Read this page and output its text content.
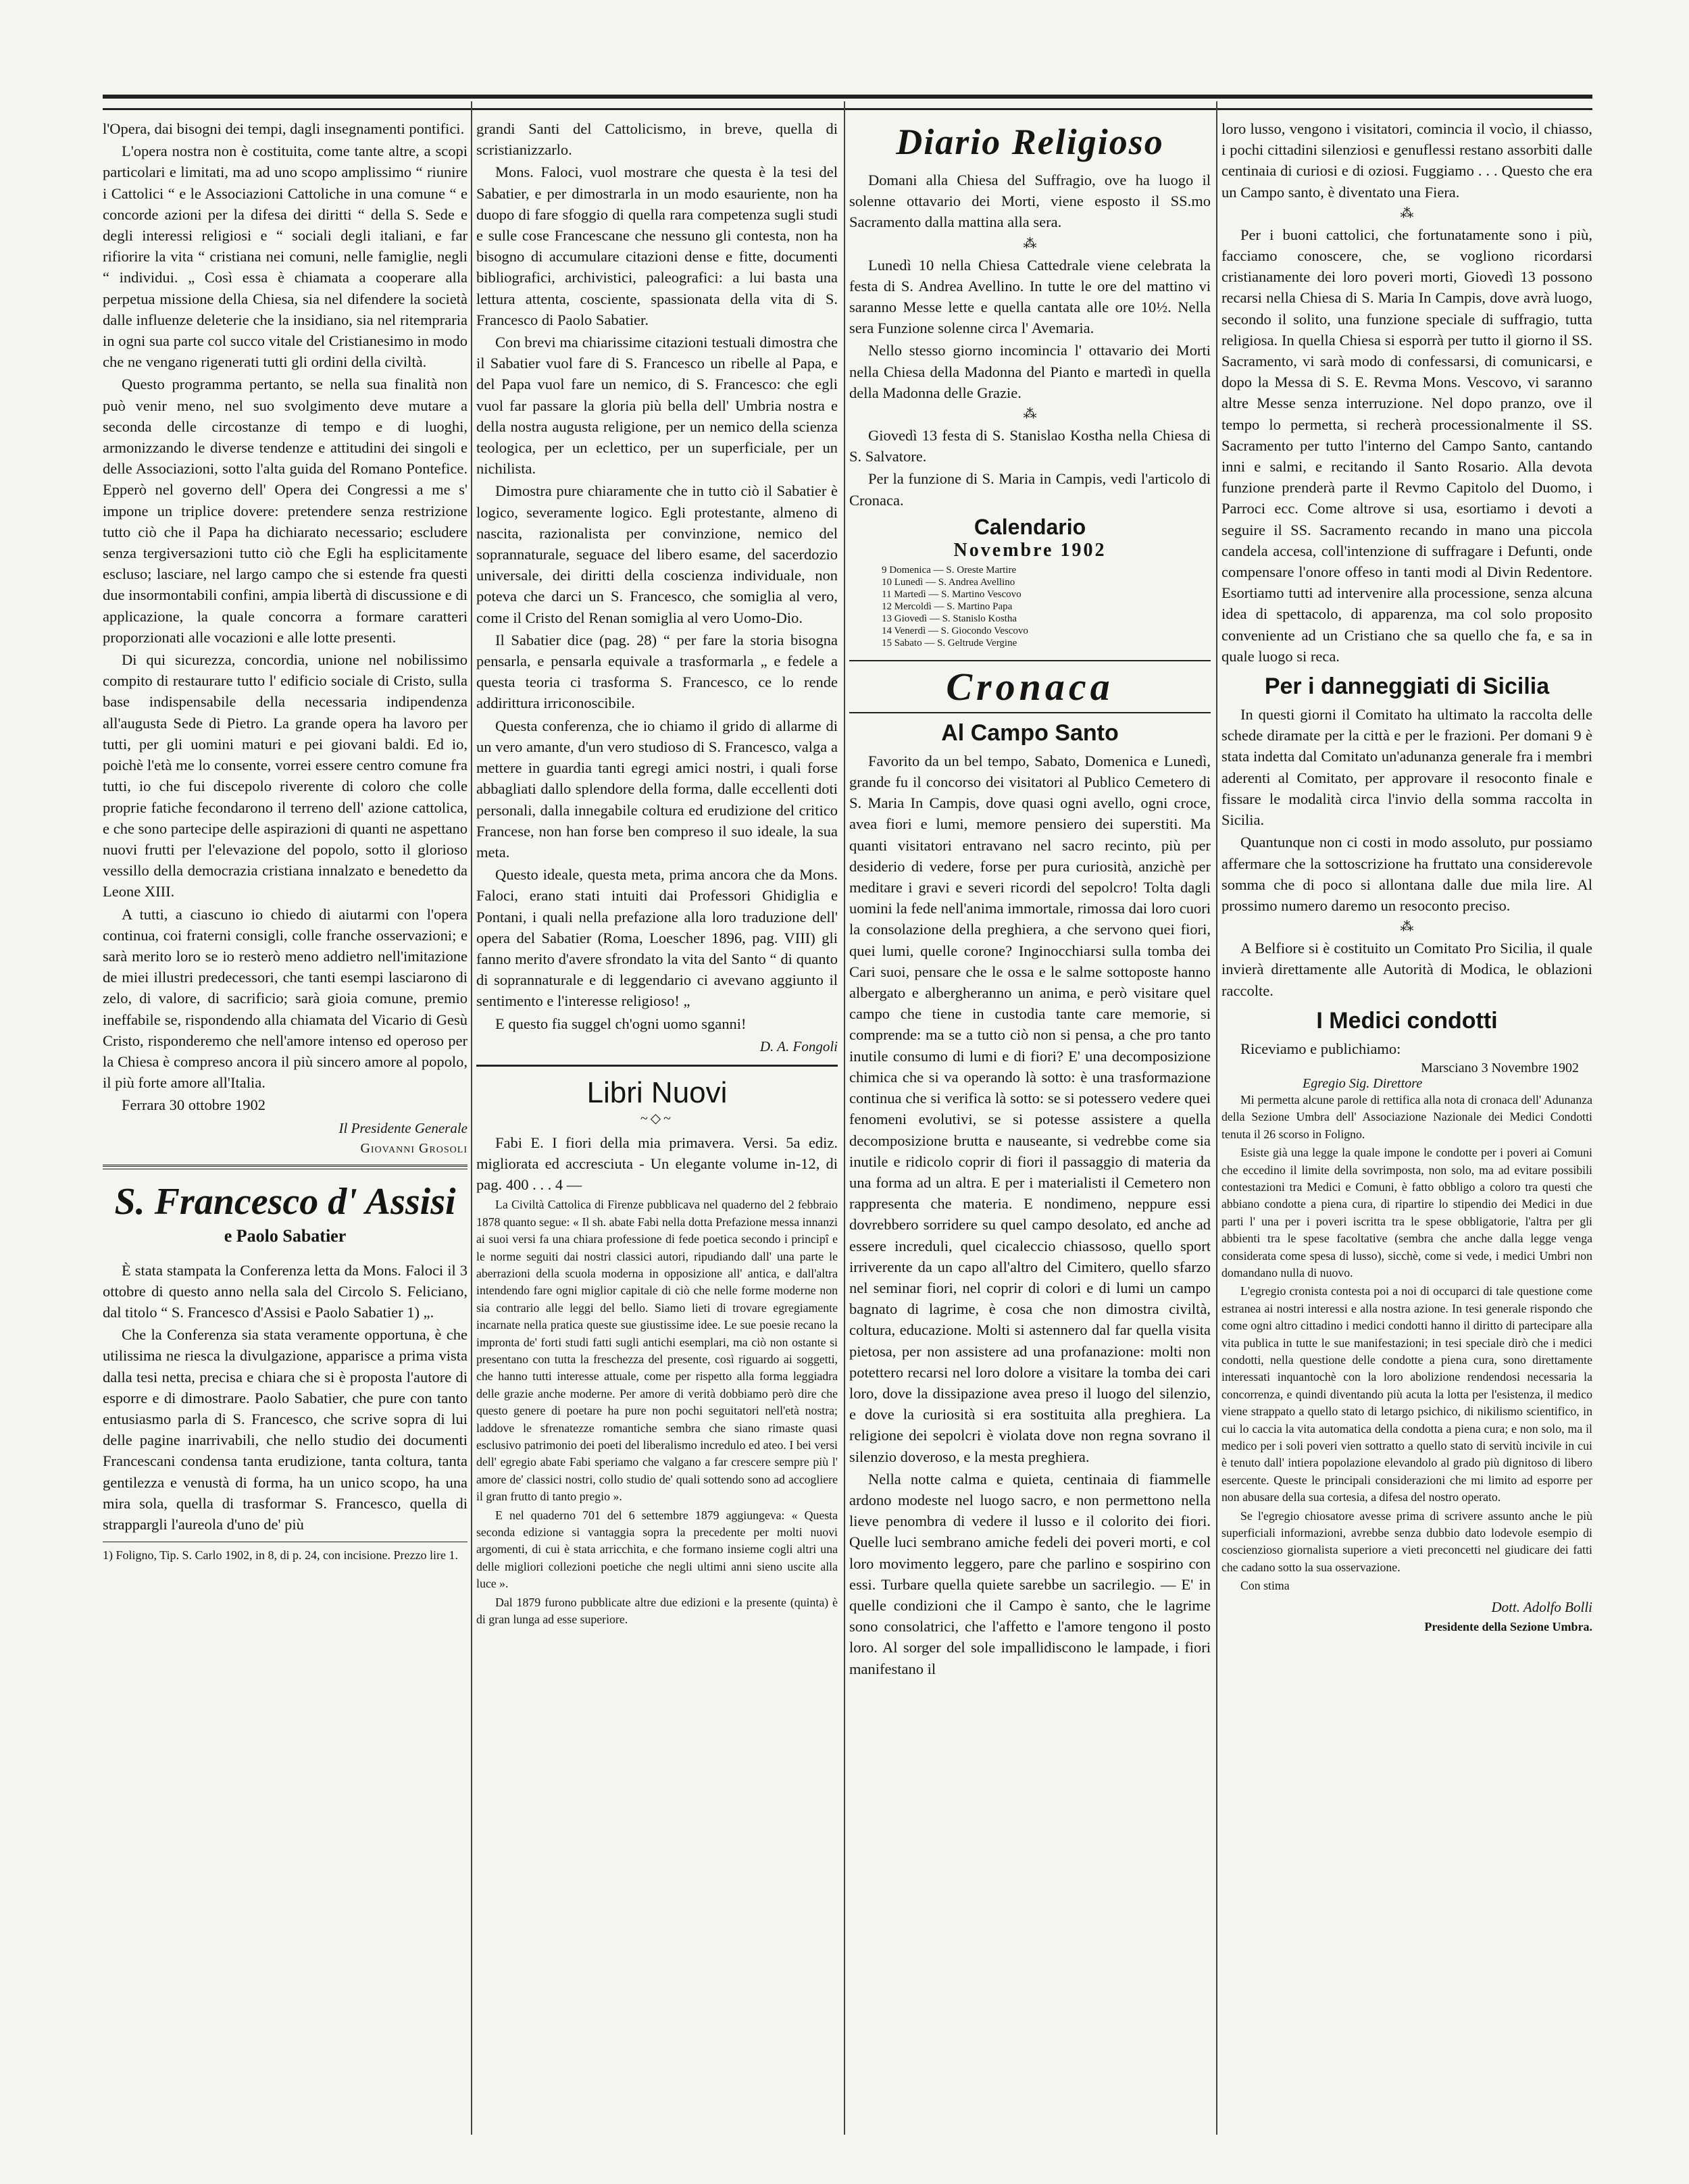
l'Opera, dai bisogni dei tempi, dagli insegnamenti pontifici.

L'opera nostra non è costituita, come tante altre, a scopi particolari e limitati, ma ad uno scopo amplissimo “ riunire i Cattolici “ e le Associazioni Cattoliche in una comune “ e concorde azioni per la difesa dei diritti “ della S. Sede e degli interessi religiosi e “ sociali degli italiani, e far rifiorire la vita “ cristiana nei comuni, nelle famiglie, negli “ individui. „ Così essa è chiamata a cooperare alla perpetua missione della Chiesa, sia nel difendere la società dalle influenze deleterie che la insidiano, sia nel ritempraria in ogni sua parte col succo vitale del Cristianesimo in modo che ne vengano rigenerati tutti gli ordini della civiltà.

Questo programma pertanto, se nella sua finalità non può venir meno, nel suo svolgimento deve mutare a seconda delle circostanze di tempo e di luoghi, armonizzando le diverse tendenze e attitudini dei singoli e delle Associazioni, sotto l'alta guida del Romano Pontefice. Epperò nel governo dell' Opera dei Congressi a me s' impone un triplice dovere: pretendere senza restrizione tutto ciò che il Papa ha dichiarato necessario; escludere senza tergiversazioni tutto ciò che Egli ha esplicitamente escluso; lasciare, nel largo campo che si estende fra questi due insormontabili confini, ampia libertà di discussione e di applicazione, la quale concorra a formare caratteri proporzionati alle vocazioni e alle lotte presenti.

Di qui sicurezza, concordia, unione nel nobilissimo compito di restaurare tutto l' edificio sociale di Cristo, sulla base indispensabile della necessaria indipendenza all'augusta Sede di Pietro. La grande opera ha lavoro per tutti, per gli uomini maturi e pei giovani baldi. Ed io, poichè l'età me lo consente, vorrei essere centro comune fra tutti, io che fui discepolo riverente di coloro che colle proprie fatiche fecondarono il terreno dell' azione cattolica, e che sono partecipe delle aspirazioni di quanti ne aspettano nuovi frutti per l'elevazione del popolo, sotto il glorioso vessillo della democrazia cristiana innalzato e benedetto da Leone XIII.

A tutti, a ciascuno io chiedo di aiutarmi con l'opera continua, coi fraterni consigli, colle franche osservazioni; e sarà merito loro se io resterò meno addietro nell'imitazione de miei illustri predecessori, che tanti esempi lasciarono di zelo, di valore, di sacrificio; sarà gioia comune, premio ineffabile se, rispondendo alla chiamata del Vicario di Gesù Cristo, risponderemo che nell'amore intenso ed operoso per la Chiesa è compreso ancora il più sincero amore al popolo, il più forte amore all'Italia.

Ferrara 30 ottobre 1902

Il Presidente Generale
Giovanni Grosoli
S. Francesco d' Assisi
e Paolo Sabatier

È stata stampata la Conferenza letta da Mons. Faloci il 3 ottobre di questo anno nella sala del Circolo S. Feliciano, dal titolo “ S. Francesco d'Assisi e Paolo Sabatier 1) „.

Che la Conferenza sia stata veramente opportuna, è che utilissima ne riesca la divulgazione, apparisce a prima vista dalla tesi netta, precisa e chiara che si è proposta l'autore di esporre e di dimostrare. Paolo Sabatier, che pure con tanto entusiasmo parla di S. Francesco, che scrive sopra di lui delle pagine inarrivabili, che nello studio dei documenti Francescani condensa tanta erudizione, tanta coltura, tanta gentilezza e venustà di forma, ha un unico scopo, ha una mira sola, quella di trasformar S. Francesco, quella di strappargli l'aureola d'uno de' più

1) Foligno, Tip. S. Carlo 1902, in 8, di p. 24, con incisione. Prezzo lire 1.

grandi Santi del Cattolicismo, in breve, quella di scristianizzarlo.

Mons. Faloci, vuol mostrare che questa è la tesi del Sabatier, e per dimostrarla in un modo esauriente, non ha duopo di fare sfoggio di quella rara competenza sugli studi e sulle cose Francescane che nessuno gli contesta, non ha bisogno di accumulare citazioni dense e fitte, documenti bibliografici, archivistici, paleografici: a lui basta una lettura attenta, cosciente, spassionata della vita di S. Francesco di Paolo Sabatier.

Con brevi ma chiarissime citazioni testuali dimostra che il Sabatier vuol fare di S. Francesco un ribelle al Papa, e del Papa vuol fare un nemico, di S. Francesco: che egli vuol far passare la gloria più bella dell' Umbria nostra e della nostra augusta religione, per un nemico della scienza teologica, per un eclettico, per un superficiale, per un nichilista.

Dimostra pure chiaramente che in tutto ciò il Sabatier è logico, severamente logico. Egli protestante, almeno di nascita, razionalista per convinzione, nemico del soprannaturale, seguace del libero esame, del sacerdozio universale, dei diritti della coscienza individuale, non poteva che darci un S. Francesco, che somiglia al vero, come il Cristo del Renan somiglia al vero Uomo-Dio.

Il Sabatier dice (pag. 28) “ per fare la storia bisogna pensarla, e pensarla equivale a trasformarla „ e fedele a questa teoria ci trasforma S. Francesco, ce lo rende addirittura irriconoscibile.

Questa conferenza, che io chiamo il grido di allarme di un vero amante, d'un vero studioso di S. Francesco, valga a mettere in guardia tanti egregi amici nostri, i quali forse abbagliati dallo splendore della forma, dalle eccellenti doti personali, dalla innegabile coltura ed erudizione del critico Francese, non han forse ben compreso il suo ideale, la sua meta.

Questo ideale, questa meta, prima ancora che da Mons. Faloci, erano stati intuiti dai Professori Ghidiglia e Pontani, i quali nella prefazione alla loro traduzione dell' opera del Sabatier (Roma, Loescher 1896, pag. VIII) gli fanno merito d'avere sfrondato la vita del Santo “ di quanto di soprannaturale e di leggendario ci avevano aggiunto il sentimento e l'interesse religioso! „

E questo fia suggel ch'ogni uomo sganni!

D. A. Fongoli
Libri Nuovi
~◇~

Fabi E. I fiori della mia primavera. Versi. 5a ediz. migliorata ed accresciuta - Un elegante volume in-12, di pag. 400 . . . 4 —

La Civiltà Cattolica di Firenze pubblicava nel quaderno del 2 febbraio 1878 quanto segue: « Il sh. abate Fabi nella dotta Prefazione messa innanzi ai suoi versi fa una chiara professione di fede poetica secondo i principî e le norme seguiti dai nostri classici autori, ripudiando dall' una parte le aberrazioni della scuola moderna in opposizione all' antica, e dall'altra intendendo fare ogni miglior capitale di ciò che nelle forme moderne non sia contrario alle leggi del bello. Siamo lieti di trovare egregiamente incarnate nella pratica queste sue giustissime idee. Le sue poesie recano la impronta de' forti studi fatti sugli antichi esemplari, ma ciò non ostante si presentano con tutta la freschezza del presente, così riguardo ai soggetti, che hanno tutti interesse attuale, come per rispetto alla forma leggiadra delle grazie anche moderne. Per amore di verità dobbiamo però dire che questo genere di poetare ha pure non pochi seguitatori nell'età nostra; laddove le sfrenatezze romantiche sembra che siano rimaste quasi esclusivo patrimonio dei poeti del liberalismo incredulo ed ateo. I bei versi dell' egregio abate Fabi speriamo che valgano a far crescere sempre più l' amore de' classici nostri, collo studio de' quali sottendo sono ad accogliere il gran frutto di tanto pregio ».

E nel quaderno 701 del 6 settembre 1879 aggiungeva: « Questa seconda edizione si vantaggia sopra la precedente per molti nuovi argomenti, di cui è stata arricchita, e che formano insieme cogli altri una delle migliori collezioni poetiche che negli ultimi anni sieno uscite alla luce ».

Dal 1879 furono pubblicate altre due edizioni e la presente (quinta) è di gran lunga ad esse superiore.

Diario Religioso

Domani alla Chiesa del Suffragio, ove ha luogo il solenne ottavario dei Morti, viene esposto il SS.mo Sacramento dalla mattina alla sera.

⁂

Lunedì 10 nella Chiesa Cattedrale viene celebrata la festa di S. Andrea Avellino. In tutte le ore del mattino vi saranno Messe lette e quella cantata alle ore 10½. Nella sera Funzione solenne circa l' Avemaria.

Nello stesso giorno incomincia l' ottavario dei Morti nella Chiesa della Madonna del Pianto e martedì in quella della Madonna delle Grazie.

⁂

Giovedì 13 festa di S. Stanislao Kostha nella Chiesa di S. Salvatore.

Per la funzione di S. Maria in Campis, vedi l'articolo di Cronaca.

Calendario
Novembre 1902
9 Domenica — S. Oreste Martire
10 Lunedì — S. Andrea Avellino
11 Martedì — S. Martino Vescovo
12 Mercoldì — S. Martino Papa
13 Giovedì — S. Stanislo Kostha
14 Venerdì — S. Giocondo Vescovo
15 Sabato — S. Geltrude Vergine
Cronaca
Al Campo Santo

Favorito da un bel tempo, Sabato, Domenica e Lunedì, grande fu il concorso dei visitatori al Publico Cemetero di S. Maria In Campis, dove quasi ogni avello, ogni croce, avea fiori e lumi, memore pensiero dei superstiti. Ma quanti visitatori entravano nel sacro recinto, più per desiderio di vedere, forse per pura curiosità, anzichè per meditare i gravi e severi ricordi del sepolcro! Tolta dagli uomini la fede nell'anima immortale, rimossa dai loro cuori la consolazione della preghiera, a che servono quei fiori, quei lumi, quelle corone? Inginocchiarsi sulla tomba dei Cari suoi, pensare che le ossa e le salme sottoposte hanno albergato e albergheranno un anima, e però visitare quel campo che tiene in custodia tante care memorie, si comprende: ma se a tutto ciò non si pensa, a che pro tanto inutile consumo di lumi e di fiori? E' una decomposizione chimica che si va operando là sotto: è una trasformazione continua che si verifica là sotto: se si potessero vedere quei fenomeni evolutivi, se si potesse assistere a quella decomposizione brutta e nauseante, si vedrebbe come sia inutile e ridicolo coprir di fiori il passaggio di materia da una forma ad un altra. E per i materialisti il Cemetero non rappresenta che materia. E nondimeno, neppure essi dovrebbero sorridere su quel campo desolato, ed anche ad essere increduli, quel cicaleccio chiassoso, quello sport irriverente da un capo all'altro del Cimitero, quello sfarzo nel seminar fiori, nel coprir di colori e di lumi un campo bagnato di lagrime, è cosa che non dimostra civiltà, coltura, educazione. Molti si astennero dal far quella visita pietosa, per non assistere ad una profanazione: molti non potettero recarsi nel loro dolore a visitare la tomba dei cari loro, dove la dissipazione avea preso il luogo del silenzio, e dove la curiosità si era sostituita alla preghiera. La religione dei sepolcri è violata dove non regna sovrano il silenzio doveroso, e la mesta preghiera.

Nella notte calma e quieta, centinaia di fiammelle ardono modeste nel luogo sacro, e non permettono nella lieve penombra di vedere il lusso e il colorito dei fiori. Quelle luci sembrano amiche fedeli dei poveri morti, e col loro movimento leggero, pare che parlino e sospirino con essi. Turbare quella quiete sarebbe un sacrilegio. — E' in quelle condizioni che il Campo è santo, che le lagrime sono consolatrici, che l'affetto e l'amore tengono il posto loro. Al sorger del sole impallidiscono le lampade, i fiori manifestano il

loro lusso, vengono i visitatori, comincia il vocìo, il chiasso, i pochi cittadini silenziosi e genuflessi restano assorbiti dalle centinaia di curiosi e di oziosi. Fuggiamo . . . Questo che era un Campo santo, è diventato una Fiera.

⁂

Per i buoni cattolici, che fortunatamente sono i più, facciamo conoscere, che, se vogliono ricordarsi cristianamente dei loro poveri morti, Giovedì 13 possono recarsi nella Chiesa di S. Maria In Campis, dove avrà luogo, secondo il solito, una funzione speciale di suffragio, tutta religiosa. In quella Chiesa si esporrà per tutto il giorno il SS. Sacramento, vi sarà modo di confessarsi, di comunicarsi, e dopo la Messa di S. E. Revma Mons. Vescovo, vi saranno altre Messe senza interruzione. Nel dopo pranzo, ove il tempo lo permetta, si recherà processionalmente il SS. Sacramento per tutto l'interno del Campo Santo, cantando inni e salmi, e recitando il Santo Rosario. Alla devota funzione prenderà parte il Revmo Capitolo del Duomo, i Parroci ecc. Come altrove si usa, esortiamo i devoti a seguire il SS. Sacramento recando in mano una piccola candela accesa, coll'intenzione di suffragare i Defunti, onde compensare l'onore offeso in tanti modi al Divin Redentore. Esortiamo tutti ad intervenire alla processione, senza alcuna idea di spettacolo, di apparenza, ma col solo proposito conveniente ad un Cristiano che sa quello che fa, e sa in quale luogo si reca.

Per i danneggiati di Sicilia

In questi giorni il Comitato ha ultimato la raccolta delle schede diramate per la città e per le frazioni. Per domani 9 è stata indetta dal Comitato un'adunanza generale fra i membri aderenti al Comitato, per approvare il resoconto finale e fissare le modalità circa l'invio della somma raccolta in Sicilia.

Quantunque non ci costi in modo assoluto, pur possiamo affermare che la sottoscrizione ha fruttato una considerevole somma che di poco si allontana dalle due mila lire. Al prossimo numero daremo un resoconto preciso.

⁂

A Belfiore si è costituito un Comitato Pro Sicilia, il quale invierà direttamente alle Autorità di Modica, le oblazioni raccolte.

I Medici condotti

Riceviamo e publichiamo:

Marsciano 3 Novembre 1902
Egregio Sig. Direttore

Mi permetta alcune parole di rettifica alla nota di cronaca dell' Adunanza della Sezione Umbra dell' Associazione Nazionale dei Medici Condotti tenuta il 26 scorso in Foligno.

Esiste già una legge la quale impone le condotte per i poveri ai Comuni che eccedino il limite della sovrimposta, non solo, ma ad evitare possibili contestazioni tra Medici e Comuni, è fatto obbligo a coloro tra questi che abbiano condotte a piena cura, di ripartire lo stipendio dei Medici in due parti l' una per i poveri iscritta tra le spese obbligatorie, l'altra per gli abbienti tra le spese facoltative (sembra che anche dalla legge venga considerata come spesa di lusso), sicchè, come si vede, i medici Umbri non domandano nulla di nuovo.

L'egregio cronista contesta poi a noi di occuparci di tale questione come estranea ai nostri interessi e alla nostra azione. In tesi generale rispondo che come ogni altro cittadino i medici condotti hanno il diritto di partecipare alla vita publica in tutte le sue manifestazioni; in tesi speciale dirò che i medici condotti, nella questione delle condotte a piena cura, sono direttamente interessati inquantochè con la loro abolizione rendendosi necessaria la concorrenza, e quindi diventando più acuta la lotta per l'esistenza, il medico viene strappato a quello stato di letargo psichico, di nikilismo scientifico, in cui lo caccia la vita automatica della condotta a piena cura; e non solo, ma il medico per i soli poveri vien sottratto a quello stato di servitù incivile in cui è tenuto dall' intiera popolazione elevandolo al grado più dignitoso di libero esercente. Queste le principali considerazioni che mi limito ad esporre per non abusare della sua cortesia, a difesa del nostro operato.

Se l'egregio chiosatore avesse prima di scrivere assunto anche le più superficiali informazioni, avrebbe senza dubbio dato lodevole esempio di coscienzioso giornalista superiore a vieti preconcetti nel giudicare dei fatti che cadano sotto la sua osservazione.

Con stima

Dott. Adolfo Bolli
Presidente della Sezione Umbra.
